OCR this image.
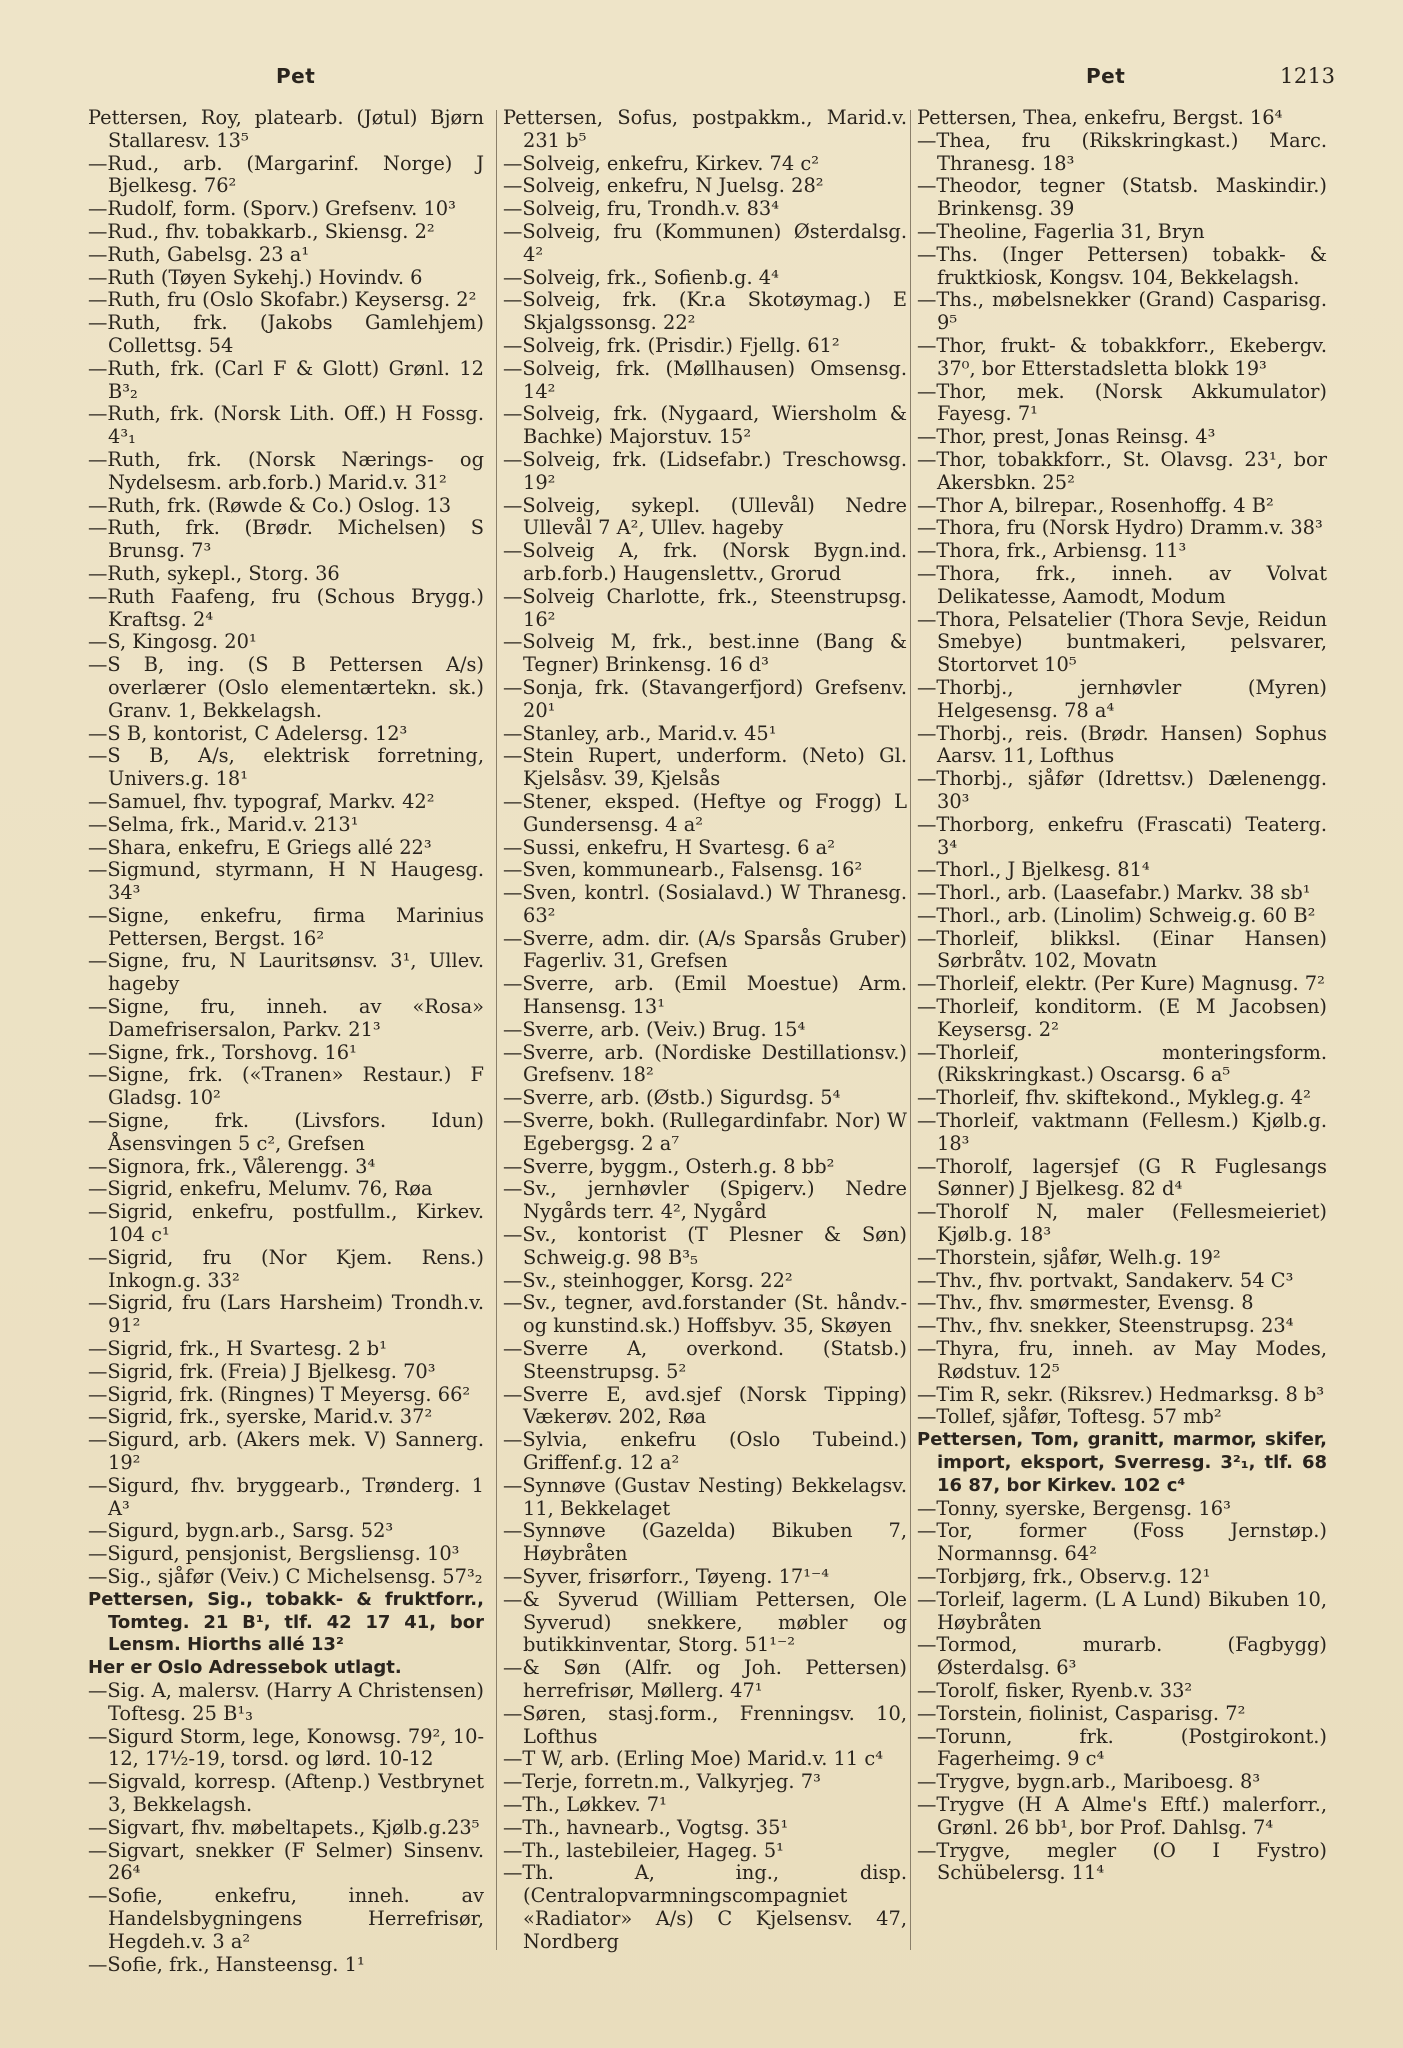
Pet	Pet	1213

Pettersen, Roy, platearb. (Jøtul) Bjørn Stallaresv. 13⁵

—Rud., arb. (Margarinf. Norge) J Bjelkesg. 76²

—Rudolf, form. (Sporv.) Grefsenv. 10³

—Rud., fhv. tobakkarb., Skiensg. 2²

—Ruth, Gabelsg. 23 a¹

—Ruth (Tøyen Sykehj.) Hovindv. 6

—Ruth, fru (Oslo Skofabr.) Keysersg. 2²

—Ruth, frk. (Jakobs Gamlehjem) Collettsg. 54

—Ruth, frk. (Carl F & Glott) Grønl. 12 B³₂

—Ruth, frk. (Norsk Lith. Off.) H Fossg. 4³₁

—Ruth, frk. (Norsk Nærings- og Nydelsesm. arb.forb.) Marid.v. 31²

—Ruth, frk. (Røwde & Co.) Oslog. 13

—Ruth, frk. (Brødr. Michelsen) S Brunsg. 7³

—Ruth, sykepl., Storg. 36

—Ruth Faafeng, fru (Schous Brygg.) Kraftsg. 2⁴

—S, Kingosg. 20¹

—S B, ing. (S B Pettersen A/s) overlærer (Oslo elementærtekn. sk.) Granv. 1, Bekkelagsh.

—S B, kontorist, C Adelersg. 12³

—S B, A/s, elektrisk forretning, Univers.g. 18¹

—Samuel, fhv. typograf, Markv. 42²

—Selma, frk., Marid.v. 213¹

—Shara, enkefru, E Griegs allé 22³

—Sigmund, styrmann, H N Haugesg. 34³

—Signe, enkefru, firma Marinius Pettersen, Bergst. 16²

—Signe, fru, N Lauritsønsv. 3¹, Ullev. hageby

—Signe, fru, inneh. av «Rosa» Damefrisersalon, Parkv. 21³

—Signe, frk., Torshovg. 16¹

—Signe, frk. («Tranen» Restaur.) F Gladsg. 10²

—Signe, frk. (Livsfors. Idun) Åsensvingen 5 c², Grefsen

—Signora, frk., Vålerengg. 3⁴

—Sigrid, enkefru, Melumv. 76, Røa

—Sigrid, enkefru, postfullm., Kirkev. 104 c¹

—Sigrid, fru (Nor Kjem. Rens.) Inkogn.g. 33²

—Sigrid, fru (Lars Harsheim) Trondh.v. 91²

—Sigrid, frk., H Svartesg. 2 b¹

—Sigrid, frk. (Freia) J Bjelkesg. 70³

—Sigrid, frk. (Ringnes) T Meyersg. 66²

—Sigrid, frk., syerske, Marid.v. 37²

—Sigurd, arb. (Akers mek. V) Sannerg. 19²

—Sigurd, fhv. bryggearb., Trønderg. 1 A³

—Sigurd, bygn.arb., Sarsg. 52³

—Sigurd, pensjonist, Bergsliensg. 10³

—Sig., sjåfør (Veiv.) C Michelsensg. 57³₂

Pettersen, Sig., tobakk- & fruktforr., Tomteg. 21 B¹, tlf. 42 17 41, bor Lensm. Hiorths allé 13²

Her er Oslo Adressebok utlagt.

—Sig. A, malersv. (Harry A Christensen) Toftesg. 25 B¹₃

—Sigurd Storm, lege, Konowsg. 79², 10-12, 17½-19, torsd. og lørd. 10-12

—Sigvald, korresp. (Aftenp.) Vestbrynet 3, Bekkelagsh.

—Sigvart, fhv. møbeltapets., Kjølb.g.23⁵

—Sigvart, snekker (F Selmer) Sinsenv. 26⁴

—Sofie, enkefru, inneh. av Handelsbygningens Herrefrisør, Hegdeh.v. 3 a²

—Sofie, frk., Hansteensg. 1¹

Pettersen, Sofus, postpakkm., Marid.v. 231 b⁵

—Solveig, enkefru, Kirkev. 74 c²

—Solveig, enkefru, N Juelsg. 28²

—Solveig, fru, Trondh.v. 83⁴

—Solveig, fru (Kommunen) Østerdalsg. 4²

—Solveig, frk., Sofienb.g. 4⁴

—Solveig, frk. (Kr.a Skotøymag.) E Skjalgssonsg. 22²

—Solveig, frk. (Prisdir.) Fjellg. 61²

—Solveig, frk. (Møllhausen) Omsensg. 14²

—Solveig, frk. (Nygaard, Wiersholm & Bachke) Majorstuv. 15²

—Solveig, frk. (Lidsefabr.) Treschowsg. 19²

—Solveig, sykepl. (Ullevål) Nedre Ullevål 7 A², Ullev. hageby

—Solveig A, frk. (Norsk Bygn.ind. arb.forb.) Haugenslettv., Grorud

—Solveig Charlotte, frk., Steenstrupsg. 16²

—Solveig M, frk., best.inne (Bang & Tegner) Brinkensg. 16 d³

—Sonja, frk. (Stavangerfjord) Grefsenv. 20¹

—Stanley, arb., Marid.v. 45¹

—Stein Rupert, underform. (Neto) Gl. Kjelsåsv. 39, Kjelsås

—Stener, eksped. (Heftye og Frogg) L Gundersensg. 4 a²

—Sussi, enkefru, H Svartesg. 6 a²

—Sven, kommunearb., Falsensg. 16²

—Sven, kontrl. (Sosialavd.) W Thranesg. 63²

—Sverre, adm. dir. (A/s Sparsås Gruber) Fagerliv. 31, Grefsen

—Sverre, arb. (Emil Moestue) Arm. Hansensg. 13¹

—Sverre, arb. (Veiv.) Brug. 15⁴

—Sverre, arb. (Nordiske Destillationsv.) Grefsenv. 18²

—Sverre, arb. (Østb.) Sigurdsg. 5⁴

—Sverre, bokh. (Rullegardinfabr. Nor) W Egebergsg. 2 a⁷

—Sverre, byggm., Osterh.g. 8 bb²

—Sv., jernhøvler (Spigerv.) Nedre Nygårds terr. 4², Nygård

—Sv., kontorist (T Plesner & Søn) Schweig.g. 98 B³₅

—Sv., steinhogger, Korsg. 22²

—Sv., tegner, avd.forstander (St. håndv.- og kunstind.sk.) Hoffsbyv. 35, Skøyen

—Sverre A, overkond. (Statsb.) Steenstrupsg. 5²

—Sverre E, avd.sjef (Norsk Tipping) Vækerøv. 202, Røa

—Sylvia, enkefru (Oslo Tubeind.) Griffenf.g. 12 a²

—Synnøve (Gustav Nesting) Bekkelagsv. 11, Bekkelaget

—Synnøve (Gazelda) Bikuben 7, Høybråten

—Syver, frisørforr., Tøyeng. 17¹⁻⁴

—& Syverud (William Pettersen, Ole Syverud) snekkere, møbler og butikkinventar, Storg. 51¹⁻²

—& Søn (Alfr. og Joh. Pettersen) herrefrisør, Møllerg. 47¹

—Søren, stasj.form., Frenningsv. 10, Lofthus

—T W, arb. (Erling Moe) Marid.v. 11 c⁴

—Terje, forretn.m., Valkyrjeg. 7³

—Th., Løkkev. 7¹

—Th., havnearb., Vogtsg. 35¹

—Th., lastebileier, Hageg. 5¹

—Th. A, ing., disp. (Centralopvarmningscompagniet «Radiator» A/s) C Kjelsensv. 47, Nordberg

Pettersen, Thea, enkefru, Bergst. 16⁴

—Thea, fru (Rikskringkast.) Marc. Thranesg. 18³

—Theodor, tegner (Statsb. Maskindir.) Brinkensg. 39

—Theoline, Fagerlia 31, Bryn

—Ths. (Inger Pettersen) tobakk- & fruktkiosk, Kongsv. 104, Bekkelagsh.

—Ths., møbelsnekker (Grand) Casparisg. 9⁵

—Thor, frukt- & tobakkforr., Ekebergv. 37⁰, bor Etterstadsletta blokk 19³

—Thor, mek. (Norsk Akkumulator) Fayesg. 7¹

—Thor, prest, Jonas Reinsg. 4³

—Thor, tobakkforr., St. Olavsg. 23¹, bor Akersbkn. 25²

—Thor A, bilrepar., Rosenhoffg. 4 B²

—Thora, fru (Norsk Hydro) Dramm.v. 38³

—Thora, frk., Arbiensg. 11³

—Thora, frk., inneh. av Volvat Delikatesse, Aamodt, Modum

—Thora, Pelsatelier (Thora Sevje, Reidun Smebye) buntmakeri, pelsvarer, Stortorvet 10⁵

—Thorbj., jernhøvler (Myren) Helgesensg. 78 a⁴

—Thorbj., reis. (Brødr. Hansen) Sophus Aarsv. 11, Lofthus

—Thorbj., sjåfør (Idrettsv.) Dælenengg. 30³

—Thorborg, enkefru (Frascati) Teaterg. 3⁴

—Thorl., J Bjelkesg. 81⁴

—Thorl., arb. (Laasefabr.) Markv. 38 sb¹

—Thorl., arb. (Linolim) Schweig.g. 60 B²

—Thorleif, blikksl. (Einar Hansen) Sørbråtv. 102, Movatn

—Thorleif, elektr. (Per Kure) Magnusg. 7²

—Thorleif, konditorm. (E M Jacobsen) Keysersg. 2²

—Thorleif, monteringsform. (Rikskringkast.) Oscarsg. 6 a⁵

—Thorleif, fhv. skiftekond., Mykleg.g. 4²

—Thorleif, vaktmann (Fellesm.) Kjølb.g. 18³

—Thorolf, lagersjef (G R Fuglesangs Sønner) J Bjelkesg. 82 d⁴

—Thorolf N, maler (Fellesmeieriet) Kjølb.g. 18³

—Thorstein, sjåfør, Welh.g. 19²

—Thv., fhv. portvakt, Sandakerv. 54 C³

—Thv., fhv. smørmester, Evensg. 8

—Thv., fhv. snekker, Steenstrupsg. 23⁴

—Thyra, fru, inneh. av May Modes, Rødstuv. 12⁵

—Tim R, sekr. (Riksrev.) Hedmarksg. 8 b³

—Tollef, sjåfør, Toftesg. 57 mb²

Pettersen, Tom, granitt, marmor, skifer, import, eksport, Sverresg. 3²₁, tlf. 68 16 87, bor Kirkev. 102 c⁴

—Tonny, syerske, Bergensg. 16³

—Tor, former (Foss Jernstøp.) Normannsg. 64²

—Torbjørg, frk., Observ.g. 12¹

—Torleif, lagerm. (L A Lund) Bikuben 10, Høybråten

—Tormod, murarb. (Fagbygg) Østerdalsg. 6³

—Torolf, fisker, Ryenb.v. 33²

—Torstein, fiolinist, Casparisg. 7²

—Torunn, frk. (Postgirokont.) Fagerheimg. 9 c⁴

—Trygve, bygn.arb., Mariboesg. 8³

—Trygve (H A Alme's Eftf.) malerforr., Grønl. 26 bb¹, bor Prof. Dahlsg. 7⁴

—Trygve, megler (O I Fystro) Schübelersg. 11⁴
